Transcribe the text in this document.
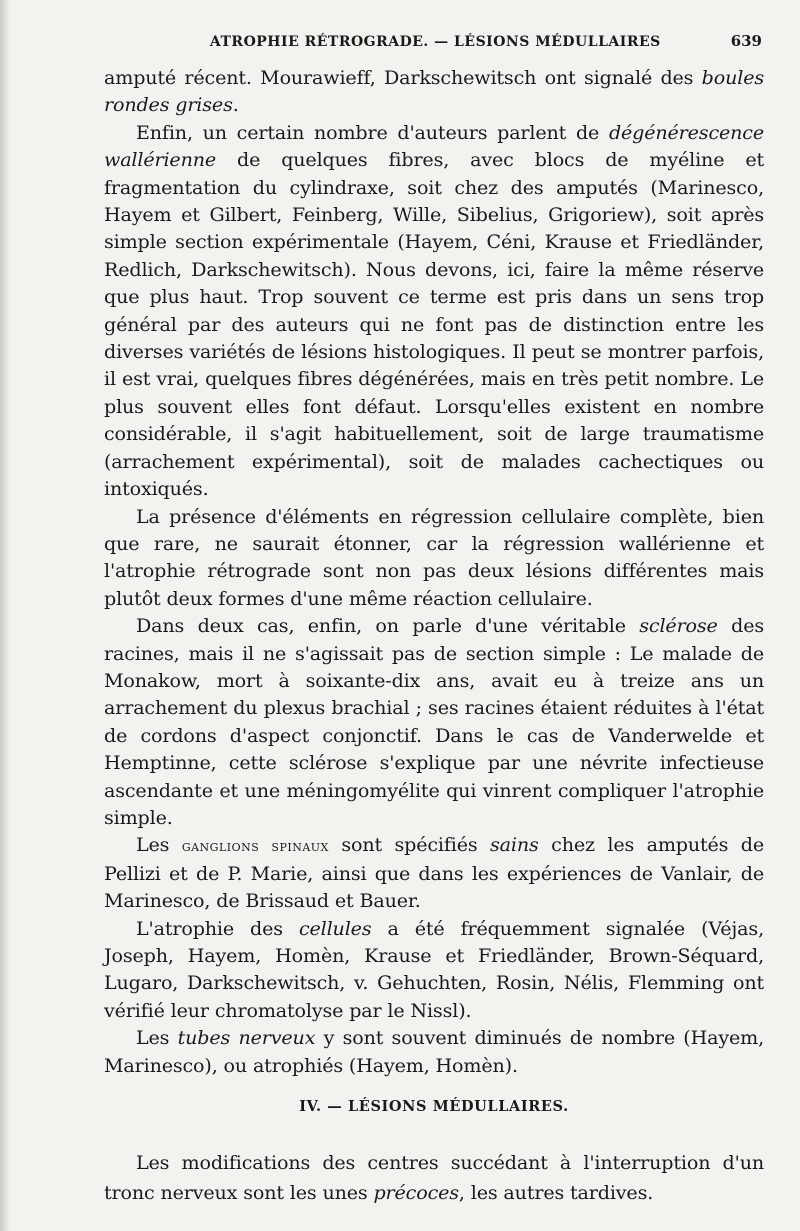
ATROPHIE RÉTROGRADE. — LÉSIONS MÉDULLAIRES	639

amputé récent. Mourawieff, Darkschewitsch ont signalé des boules rondes grises.

Enfin, un certain nombre d'auteurs parlent de dégénérescence wallérienne de quelques fibres, avec blocs de myéline et fragmentation du cylindraxe, soit chez des amputés (Marinesco, Hayem et Gilbert, Feinberg, Wille, Sibelius, Grigoriew), soit après simple section expérimentale (Hayem, Céni, Krause et Friedländer, Redlich, Darkschewitsch). Nous devons, ici, faire la même réserve que plus haut. Trop souvent ce terme est pris dans un sens trop général par des auteurs qui ne font pas de distinction entre les diverses variétés de lésions histologiques. Il peut se montrer parfois, il est vrai, quelques fibres dégénérées, mais en très petit nombre. Le plus souvent elles font défaut. Lorsqu'elles existent en nombre considérable, il s'agit habituellement, soit de large traumatisme (arrachement expérimental), soit de malades cachectiques ou intoxiqués.

La présence d'éléments en régression cellulaire complète, bien que rare, ne saurait étonner, car la régression wallérienne et l'atrophie rétrograde sont non pas deux lésions différentes mais plutôt deux formes d'une même réaction cellulaire.

Dans deux cas, enfin, on parle d'une véritable sclérose des racines, mais il ne s'agissait pas de section simple : Le malade de Monakow, mort à soixante-dix ans, avait eu à treize ans un arrachement du plexus brachial ; ses racines étaient réduites à l'état de cordons d'aspect conjonctif. Dans le cas de Vanderwelde et Hemptinne, cette sclérose s'explique par une névrite infectieuse ascendante et une méningomyélite qui vinrent compliquer l'atrophie simple.

Les ganglions spinaux sont spécifiés sains chez les amputés de Pellizi et de P. Marie, ainsi que dans les expériences de Vanlair, de Marinesco, de Brissaud et Bauer.

L'atrophie des cellules a été fréquemment signalée (Véjas, Joseph, Hayem, Homèn, Krause et Friedländer, Brown-Séquard, Lugaro, Darkschewitsch, v. Gehuchten, Rosin, Nélis, Flemming ont vérifié leur chromatolyse par le Nissl).

Les tubes nerveux y sont souvent diminués de nombre (Hayem, Marinesco), ou atrophiés (Hayem, Homèn).

IV. — LÉSIONS MÉDULLAIRES.

Les modifications des centres succédant à l'interruption d'un tronc nerveux sont les unes précoces, les autres tardives.
